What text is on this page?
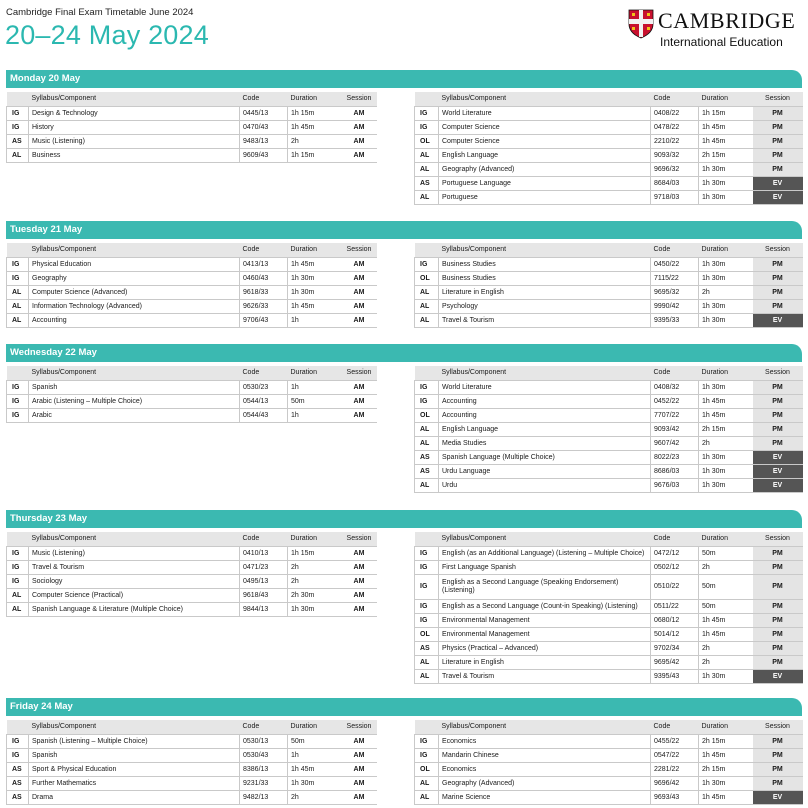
Cambridge Final Exam Timetable June 2024
20–24 May 2024	CAMBRIDGE
International Education
Monday 20 May
	Syllabus/Component	Code	Duration	Session
IG	Design & Technology	0445/13	1h 15m	AM
IG	History	0470/43	1h 45m	AM
AS	Music (Listening)	9483/13	2h	AM
AL	Business	9609/43	1h 15m	AM
	Syllabus/Component	Code	Duration	Session
IG	World Literature	0408/22	1h 15m	PM
IG	Computer Science	0478/22	1h 45m	PM
OL	Computer Science	2210/22	1h 45m	PM
AL	English Language	9093/32	2h 15m	PM
AL	Geography (Advanced)	9696/32	1h 30m	PM
AS	Portuguese Language	8684/03	1h 30m	EV
AL	Portuguese	9718/03	1h 30m	EV
Tuesday 21 May
	Syllabus/Component	Code	Duration	Session
IG	Physical Education	0413/13	1h 45m	AM
IG	Geography	0460/43	1h 30m	AM
AL	Computer Science (Advanced)	9618/33	1h 30m	AM
AL	Information Technology (Advanced)	9626/33	1h 45m	AM
AL	Accounting	9706/43	1h	AM
	Syllabus/Component	Code	Duration	Session
IG	Business Studies	0450/22	1h 30m	PM
OL	Business Studies	7115/22	1h 30m	PM
AL	Literature in English	9695/32	2h	PM
AL	Psychology	9990/42	1h 30m	PM
AL	Travel & Tourism	9395/33	1h 30m	EV
Wednesday 22 May
	Syllabus/Component	Code	Duration	Session
IG	Spanish	0530/23	1h	AM
IG	Arabic (Listening – Multiple Choice)	0544/13	50m	AM
IG	Arabic	0544/43	1h	AM
	Syllabus/Component	Code	Duration	Session
IG	World Literature	0408/32	1h 30m	PM
IG	Accounting	0452/22	1h 45m	PM
OL	Accounting	7707/22	1h 45m	PM
AL	English Language	9093/42	2h 15m	PM
AL	Media Studies	9607/42	2h	PM
AS	Spanish Language (Multiple Choice)	8022/23	1h 30m	EV
AS	Urdu Language	8686/03	1h 30m	EV
AL	Urdu	9676/03	1h 30m	EV
Thursday 23 May
	Syllabus/Component	Code	Duration	Session
IG	Music (Listening)	0410/13	1h 15m	AM
IG	Travel & Tourism	0471/23	2h	AM
IG	Sociology	0495/13	2h	AM
AL	Computer Science (Practical)	9618/43	2h 30m	AM
AL	Spanish Language & Literature (Multiple Choice)	9844/13	1h 30m	AM
	Syllabus/Component	Code	Duration	Session
IG	English (as an Additional Language) (Listening – Multiple Choice)	0472/12	50m	PM
IG	First Language Spanish	0502/12	2h	PM
IG	English as a Second Language (Speaking Endorsement) (Listening)	0510/22	50m	PM
IG	English as a Second Language (Count-in Speaking) (Listening)	0511/22	50m	PM
IG	Environmental Management	0680/12	1h 45m	PM
OL	Environmental Management	5014/12	1h 45m	PM
AS	Physics (Practical – Advanced)	9702/34	2h	PM
AL	Literature in English	9695/42	2h	PM
AL	Travel & Tourism	9395/43	1h 30m	EV
Friday 24 May
	Syllabus/Component	Code	Duration	Session
IG	Spanish (Listening – Multiple Choice)	0530/13	50m	AM
IG	Spanish	0530/43	1h	AM
AS	Sport & Physical Education	8386/13	1h 45m	AM
AS	Further Mathematics	9231/33	1h 30m	AM
AS	Drama	9482/13	2h	AM
	Syllabus/Component	Code	Duration	Session
IG	Economics	0455/22	2h 15m	PM
IG	Mandarin Chinese	0547/22	1h 45m	PM
OL	Economics	2281/22	2h 15m	PM
AL	Geography (Advanced)	9696/42	1h 30m	PM
AL	Marine Science	9693/43	1h 45m	EV
